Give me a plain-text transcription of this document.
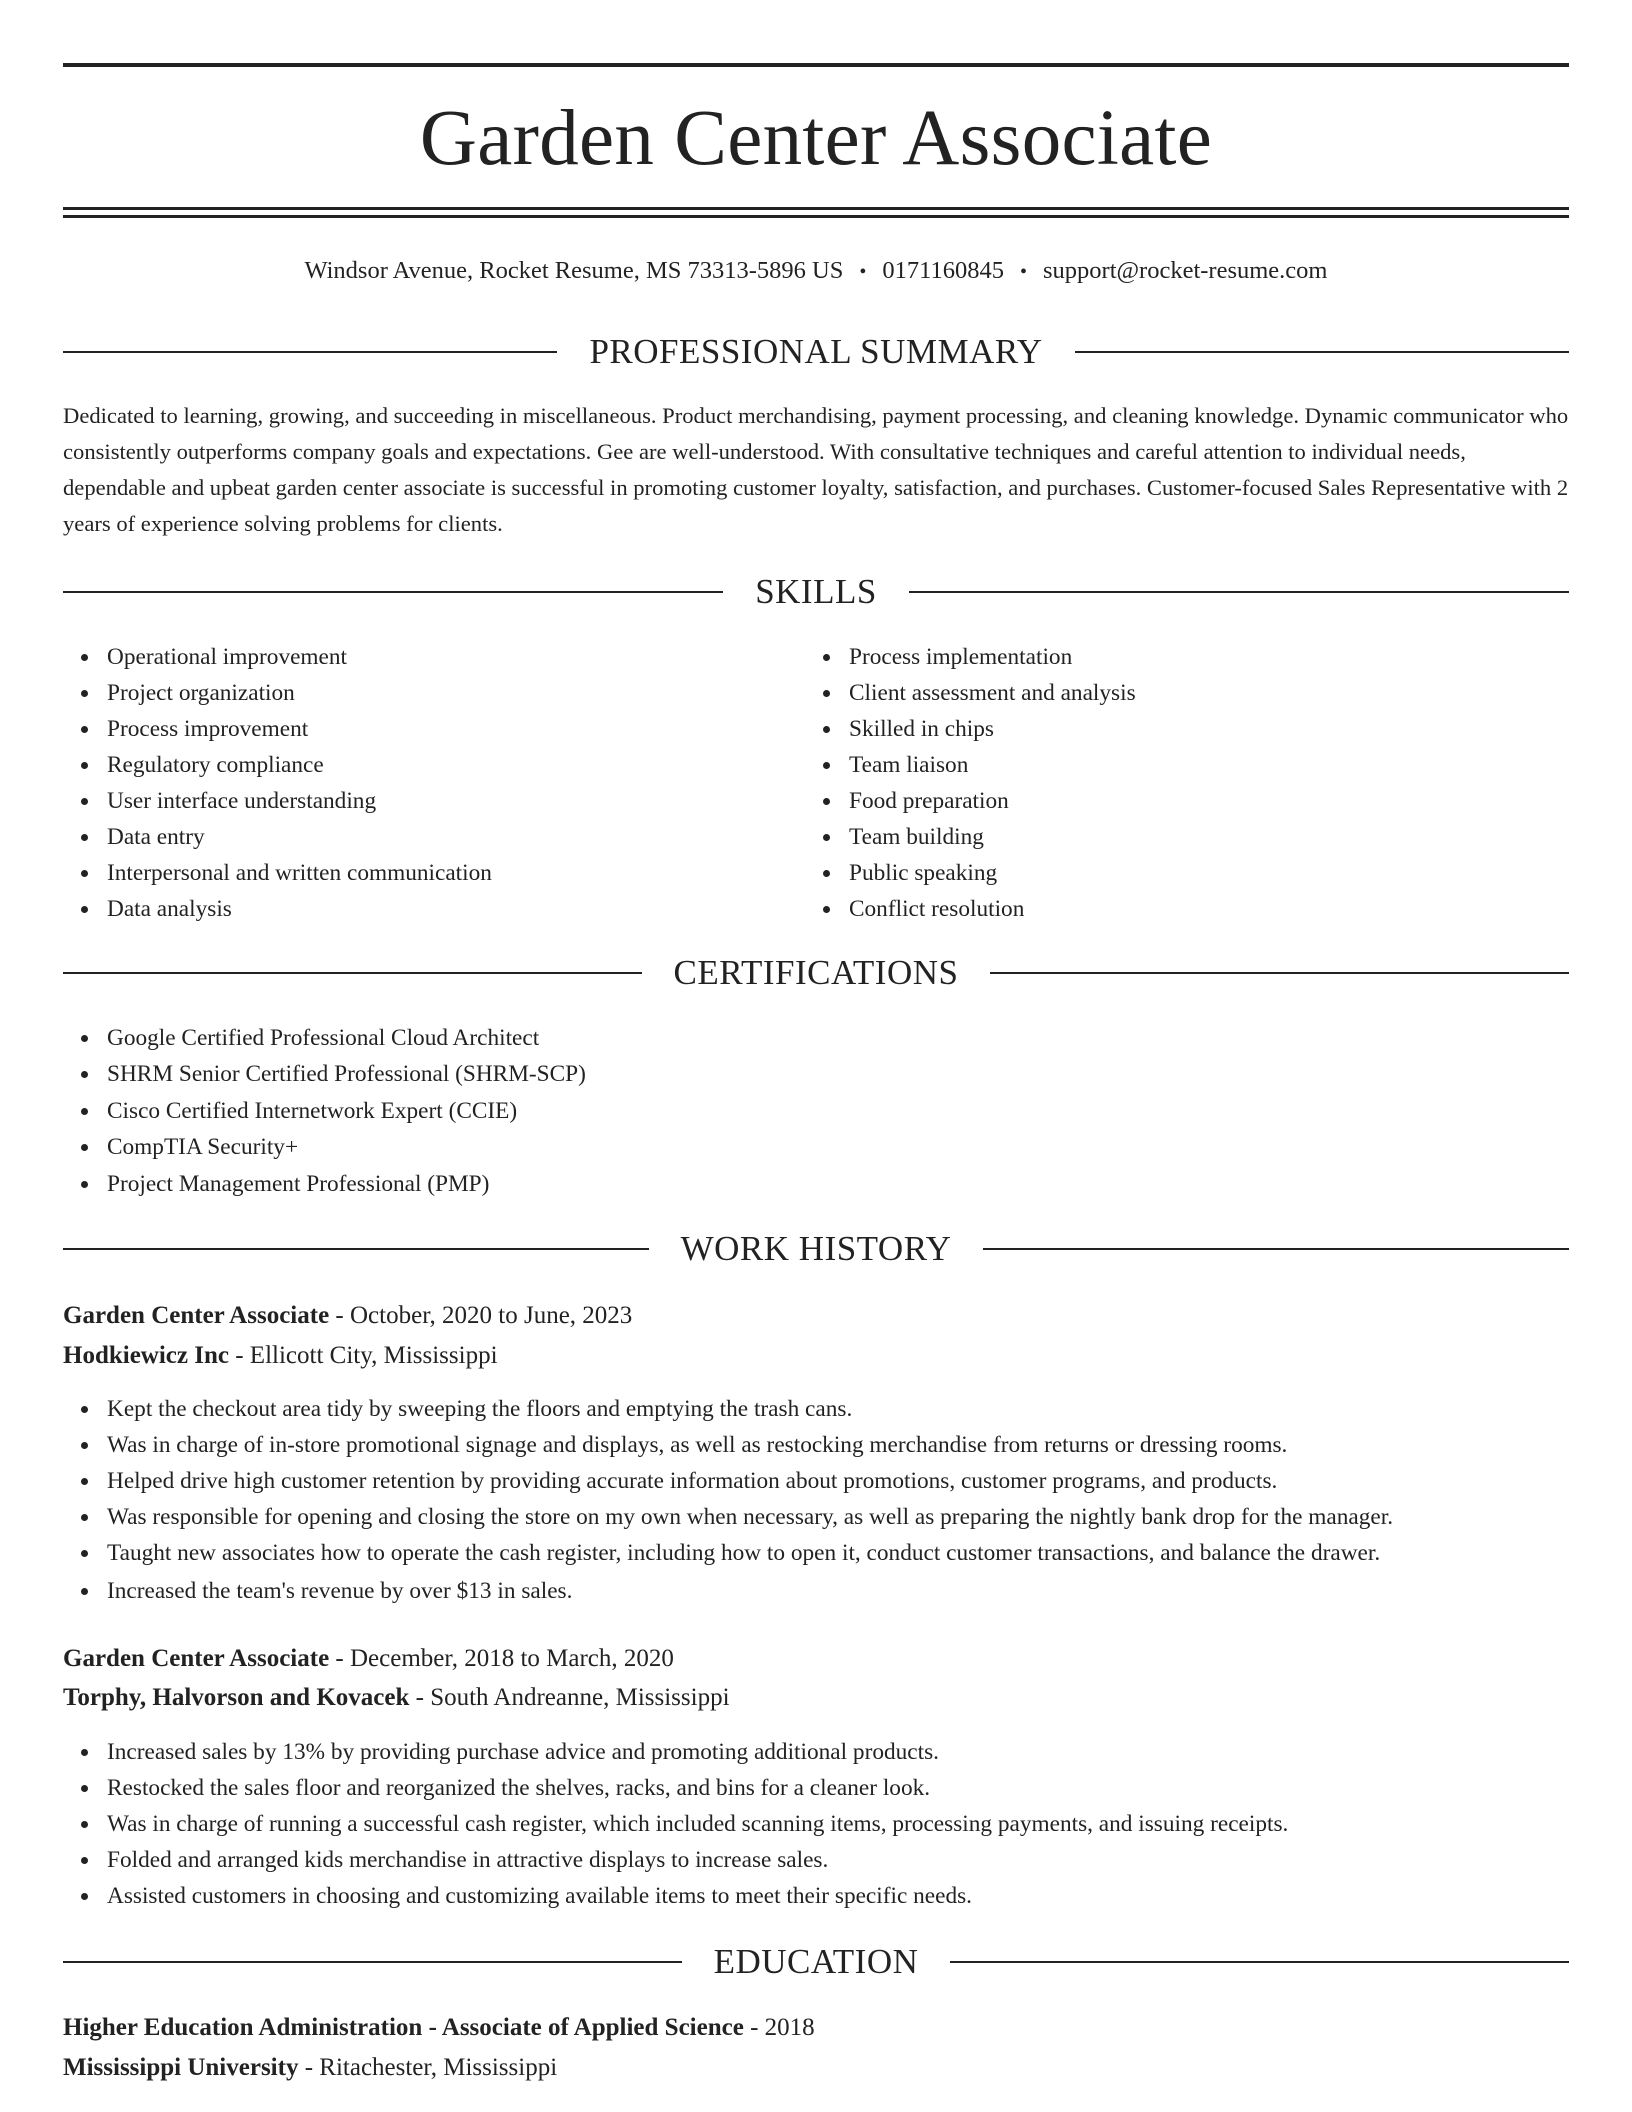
Garden Center Associate
Windsor Avenue, Rocket Resume, MS 73313-5896 US • 0171160845 • support@rocket-resume.com
PROFESSIONAL SUMMARY

Dedicated to learning, growing, and succeeding in miscellaneous. Product merchandising, payment processing, and cleaning knowledge. Dynamic communicator who consistently outperforms company goals and expectations. Gee are well-understood. With consultative techniques and careful attention to individual needs, dependable and upbeat garden center associate is successful in promoting customer loyalty, satisfaction, and purchases. Customer-focused Sales Representative with 2 years of experience solving problems for clients.

SKILLS
Operational improvement
Project organization
Process improvement
Regulatory compliance
User interface understanding
Data entry
Interpersonal and written communication
Data analysis
Process implementation
Client assessment and analysis
Skilled in chips
Team liaison
Food preparation
Team building
Public speaking
Conflict resolution
CERTIFICATIONS
Google Certified Professional Cloud Architect
SHRM Senior Certified Professional (SHRM-SCP)
Cisco Certified Internetwork Expert (CCIE)
CompTIA Security+
Project Management Professional (PMP)
WORK HISTORY
Garden Center Associate - October, 2020 to June, 2023
Hodkiewicz Inc - Ellicott City, Mississippi
Kept the checkout area tidy by sweeping the floors and emptying the trash cans.
Was in charge of in-store promotional signage and displays, as well as restocking merchandise from returns or dressing rooms.
Helped drive high customer retention by providing accurate information about promotions, customer programs, and products.
Was responsible for opening and closing the store on my own when necessary, as well as preparing the nightly bank drop for the manager.
Taught new associates how to operate the cash register, including how to open it, conduct customer transactions, and balance the drawer.
Increased the team's revenue by over $13 in sales.
Garden Center Associate - December, 2018 to March, 2020
Torphy, Halvorson and Kovacek - South Andreanne, Mississippi
Increased sales by 13% by providing purchase advice and promoting additional products.
Restocked the sales floor and reorganized the shelves, racks, and bins for a cleaner look.
Was in charge of running a successful cash register, which included scanning items, processing payments, and issuing receipts.
Folded and arranged kids merchandise in attractive displays to increase sales.
Assisted customers in choosing and customizing available items to meet their specific needs.
EDUCATION
Higher Education Administration - Associate of Applied Science - 2018
Mississippi University - Ritachester, Mississippi
